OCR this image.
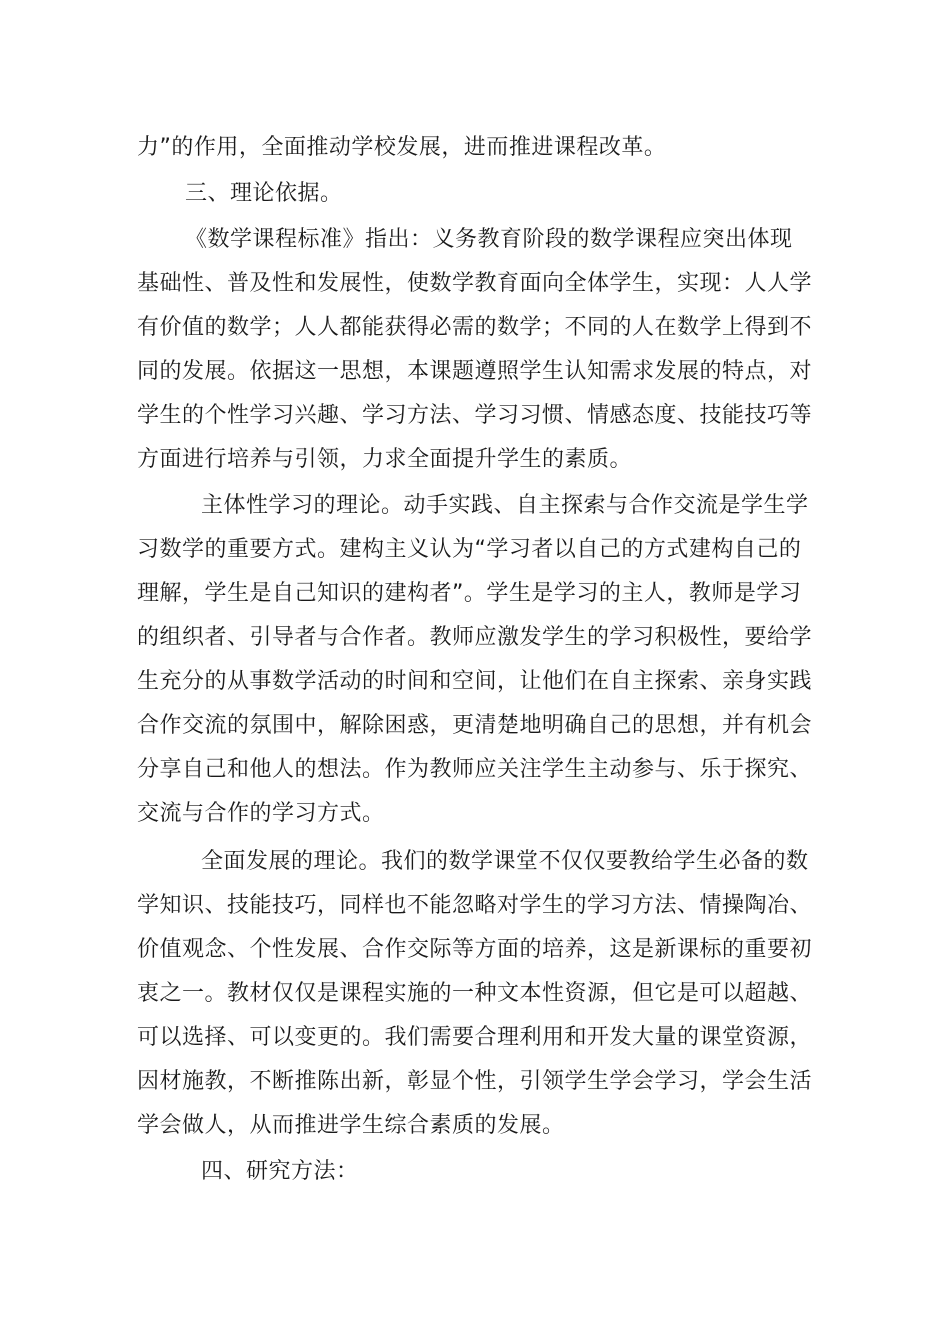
力”的作用，全面推动学校发展，进而推进课程改革。
三、理论依据。
《数学课程标准》指出：义务教育阶段的数学课程应突出体现
基础性、普及性和发展性，使数学教育面向全体学生，实现：人人学
有价值的数学；人人都能获得必需的数学；不同的人在数学上得到不
同的发展。依据这一思想，本课题遵照学生认知需求发展的特点，对
学生的个性学习兴趣、学习方法、学习习惯、情感态度、技能技巧等
方面进行培养与引领，力求全面提升学生的素质。
主体性学习的理论。动手实践、自主探索与合作交流是学生学
习数学的重要方式。建构主义认为“学习者以自己的方式建构自己的
理解，学生是自己知识的建构者”。学生是学习的主人，教师是学习
的组织者、引导者与合作者。教师应激发学生的学习积极性，要给学
生充分的从事数学活动的时间和空间，让他们在自主探索、亲身实践
合作交流的氛围中，解除困惑，更清楚地明确自己的思想，并有机会
分享自己和他人的想法。作为教师应关注学生主动参与、乐于探究、
交流与合作的学习方式。
全面发展的理论。我们的数学课堂不仅仅要教给学生必备的数
学知识、技能技巧，同样也不能忽略对学生的学习方法、情操陶冶、
价值观念、个性发展、合作交际等方面的培养，这是新课标的重要初
衷之一。教材仅仅是课程实施的一种文本性资源，但它是可以超越、
可以选择、可以变更的。我们需要合理利用和开发大量的课堂资源，
因材施教，不断推陈出新，彰显个性，引领学生学会学习，学会生活
学会做人，从而推进学生综合素质的发展。
四、研究方法：
